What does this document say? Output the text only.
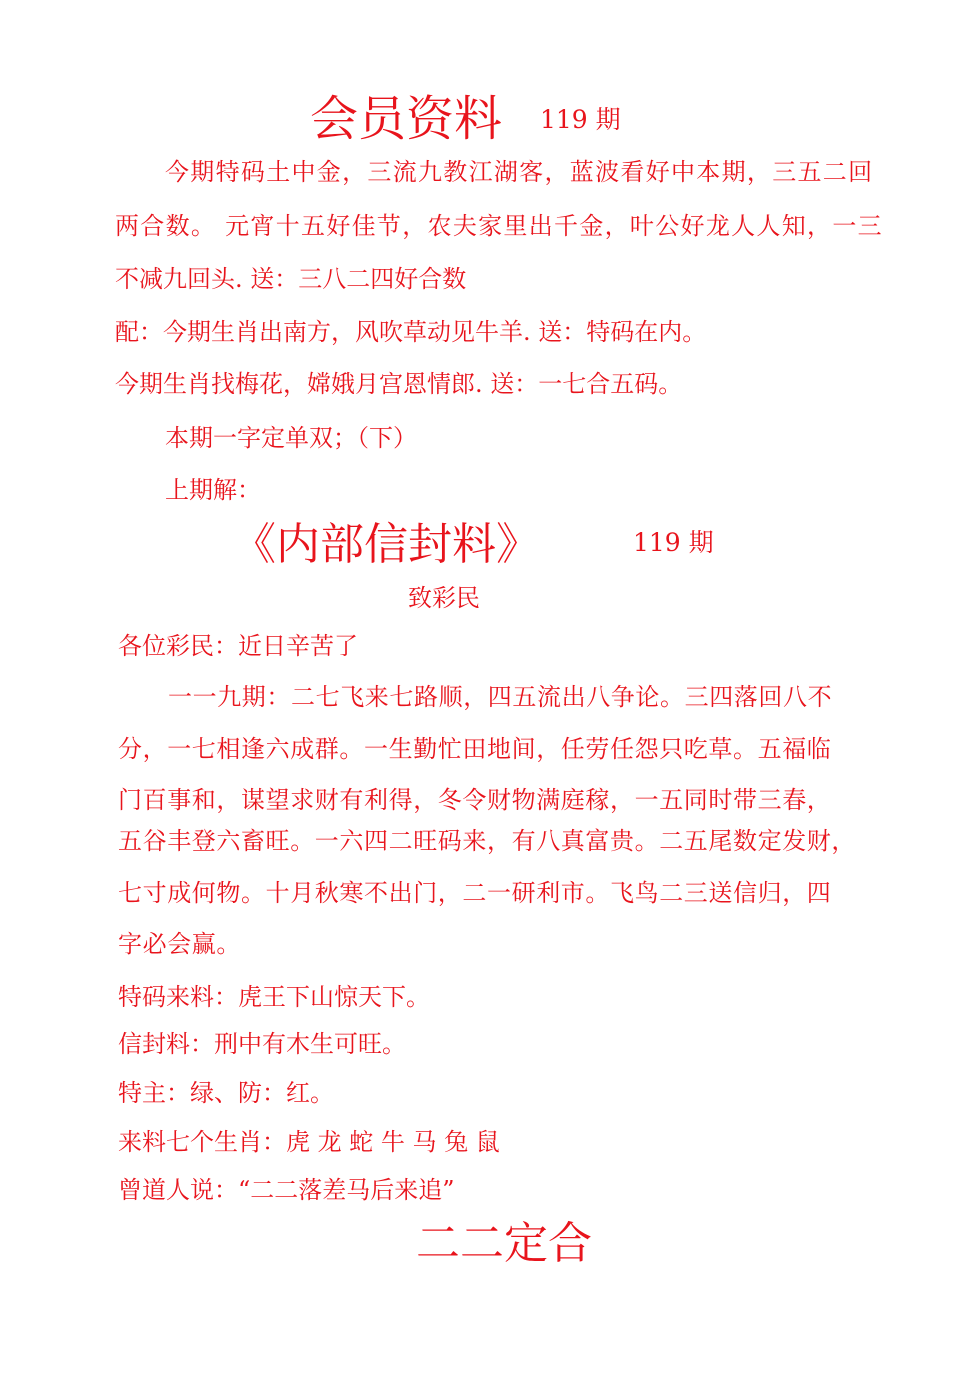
会员资料 119 期
今期特码土中金，三流九教江湖客，蓝波看好中本期，三五二回
两合数。 元宵十五好佳节，农夫家里出千金，叶公好龙人人知，一三
不减九回头. 送：三八二四好合数
配：今期生肖出南方，风吹草动见牛羊. 送：特码在内。
今期生肖找梅花，嫦娥月宫恩情郎. 送：一七合五码。
本期一字定单双；（下）
上期解：
《内部信封料》	119 期
致彩民
各位彩民：近日辛苦了
一一九期：二七飞来七路顺，四五流出八争论。三四落回八不
分，一七相逢六成群。一生勤忙田地间，任劳任怨只吃草。五福临
门百事和，谋望求财有利得，冬令财物满庭稼，一五同时带三春，
五谷丰登六畜旺。一六四二旺码来，有八真富贵。二五尾数定发财，
七寸成何物。十月秋寒不出门，二一研利市。飞鸟二三送信归，四
字必会赢。
特码来料：虎王下山惊天下。
信封料：刑中有木生可旺。
特主：绿、防：红。
来料七个生肖：虎 龙 蛇 牛 马 兔 鼠
曾道人说：“二二落差马后来追”
二二定合
